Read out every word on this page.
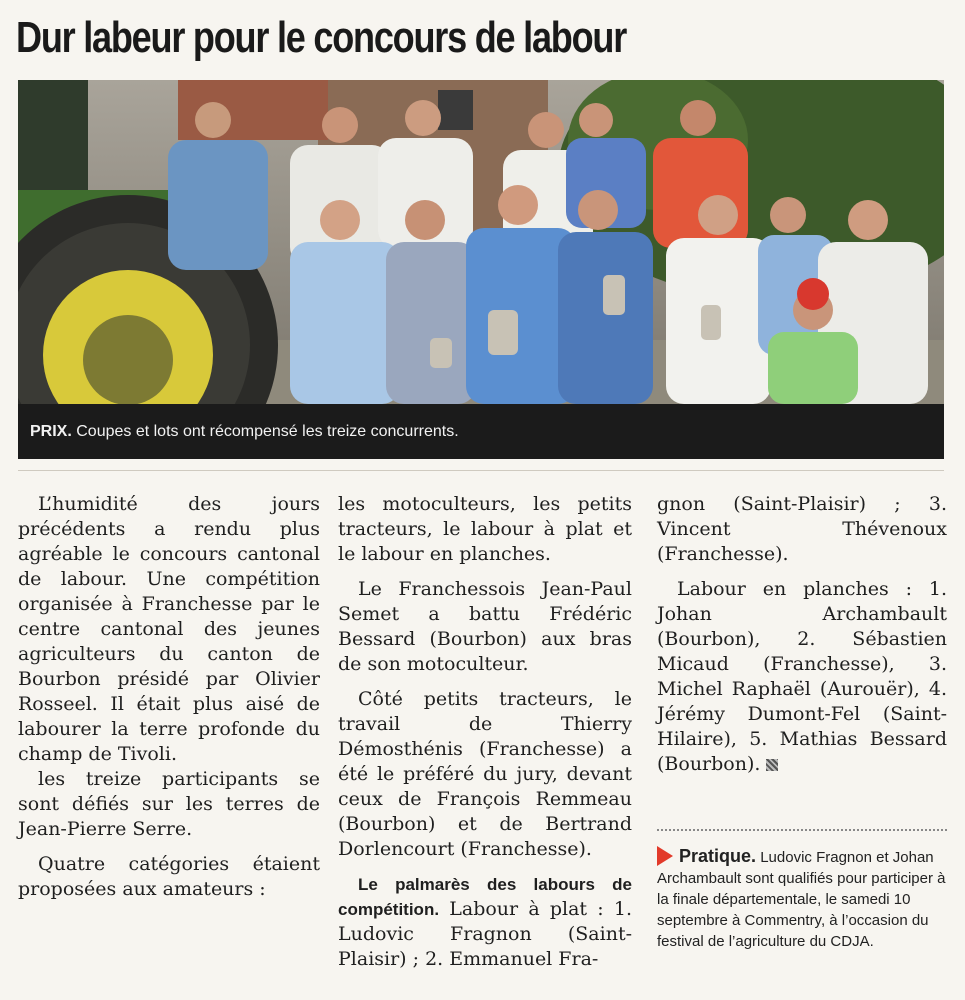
Dur labeur pour le concours de labour
PRIX. Coupes et lots ont récompensé les treize concurrents.

L’humidité des jours précédents a rendu plus agréable le concours cantonal de labour. Une compétition organisée à Franchesse par le centre cantonal des jeunes agriculteurs du canton de Bourbon présidé par Olivier Rosseel. Il était plus aisé de labourer la terre profonde du champ de Tivoli.

les treize participants se sont défiés sur les terres de Jean-Pierre Serre.

Quatre catégories étaient proposées aux amateurs :

les motoculteurs, les petits tracteurs, le labour à plat et le labour en planches.

Le Franchessois Jean-Paul Semet a battu Frédéric Bessard (Bourbon) aux bras de son motoculteur.

Côté petits tracteurs, le travail de Thierry Démosthénis (Franchesse) a été le préféré du jury, devant ceux de François Remmeau (Bourbon) et de Bertrand Dorlencourt (Franchesse).

Le palmarès des labours de compétition. Labour à plat : 1. Ludovic Fragnon (Saint-Plaisir) ; 2. Emmanuel Fra-

gnon (Saint-Plaisir) ; 3. Vincent Thévenoux (Franchesse).

Labour en planches : 1. Johan Archambault (Bourbon), 2. Sébastien Micaud (Franchesse), 3. Michel Raphaël (Aurouër), 4. Jérémy Dumont-Fel (Saint-Hilaire), 5. Mathias Bessard (Bourbon).

Pratique. Ludovic Fragnon et Johan Archambault sont qualifiés pour participer à la finale départementale, le samedi 10 septembre à Commentry, à l’occasion du festival de l’agriculture du CDJA.
